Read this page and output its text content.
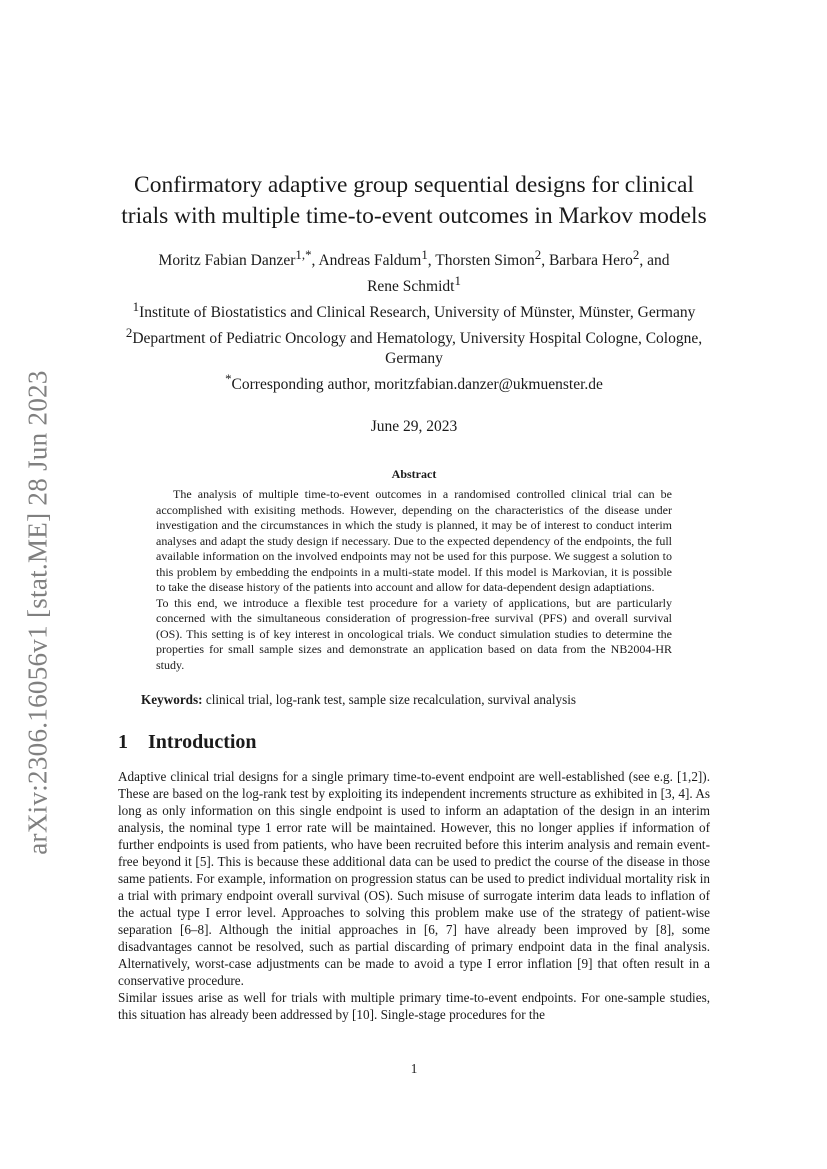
arXiv:2306.16056v1 [stat.ME] 28 Jun 2023
Confirmatory adaptive group sequential designs for clinical
trials with multiple time-to-event outcomes in Markov models
Moritz Fabian Danzer$^{1,*}$, Andreas Faldum$^1$, Thorsten Simon$^2$, Barbara Hero$^2$, and
Rene Schmidt$^1$
$^1$Institute of Biostatistics and Clinical Research, University of Münster, Münster, Germany
$^2$Department of Pediatric Oncology and Hematology, University Hospital Cologne, Cologne, Germany
*Corresponding author, moritzfabian.danzer@ukmuenster.de
June 29, 2023
Abstract

The analysis of multiple time-to-event outcomes in a randomised controlled clinical trial can be accomplished with exisiting methods. However, depending on the characteristics of the disease under investigation and the circumstances in which the study is planned, it may be of interest to conduct interim analyses and adapt the study design if necessary. Due to the expected dependency of the endpoints, the full available information on the involved endpoints may not be used for this purpose. We suggest a solution to this problem by embedding the endpoints in a multi-state model. If this model is Markovian, it is possible to take the disease history of the patients into account and allow for data-dependent design adaptiations.

To this end, we introduce a flexible test procedure for a variety of applications, but are particularly concerned with the simultaneous consideration of progression-free survival (PFS) and overall survival (OS). This setting is of key interest in oncological trials. We conduct simulation studies to determine the properties for small sample sizes and demonstrate an application based on data from the NB2004-HR study.

Keywords: clinical trial, log-rank test, sample size recalculation, survival analysis
1 Introduction

Adaptive clinical trial designs for a single primary time-to-event endpoint are well-established (see e.g. [1,2]). These are based on the log-rank test by exploiting its independent increments structure as exhibited in [3, 4]. As long as only information on this single endpoint is used to inform an adaptation of the design in an interim analysis, the nominal type 1 error rate will be maintained. However, this no longer applies if information of further endpoints is used from patients, who have been recruited before this interim analysis and remain event-free beyond it [5]. This is because these additional data can be used to predict the course of the disease in those same patients. For example, information on progression status can be used to predict individual mortality risk in a trial with primary endpoint overall survival (OS). Such misuse of surrogate interim data leads to inflation of the actual type I error level. Approaches to solving this problem make use of the strategy of patient-wise separation [6–8]. Although the initial approaches in [6, 7] have already been improved by [8], some disadvantages cannot be resolved, such as partial discarding of primary endpoint data in the final analysis. Alternatively, worst-case adjustments can be made to avoid a type I error inflation [9] that often result in a conservative procedure.

Similar issues arise as well for trials with multiple primary time-to-event endpoints. For one-sample studies, this situation has already been addressed by [10]. Single-stage procedures for the

1
